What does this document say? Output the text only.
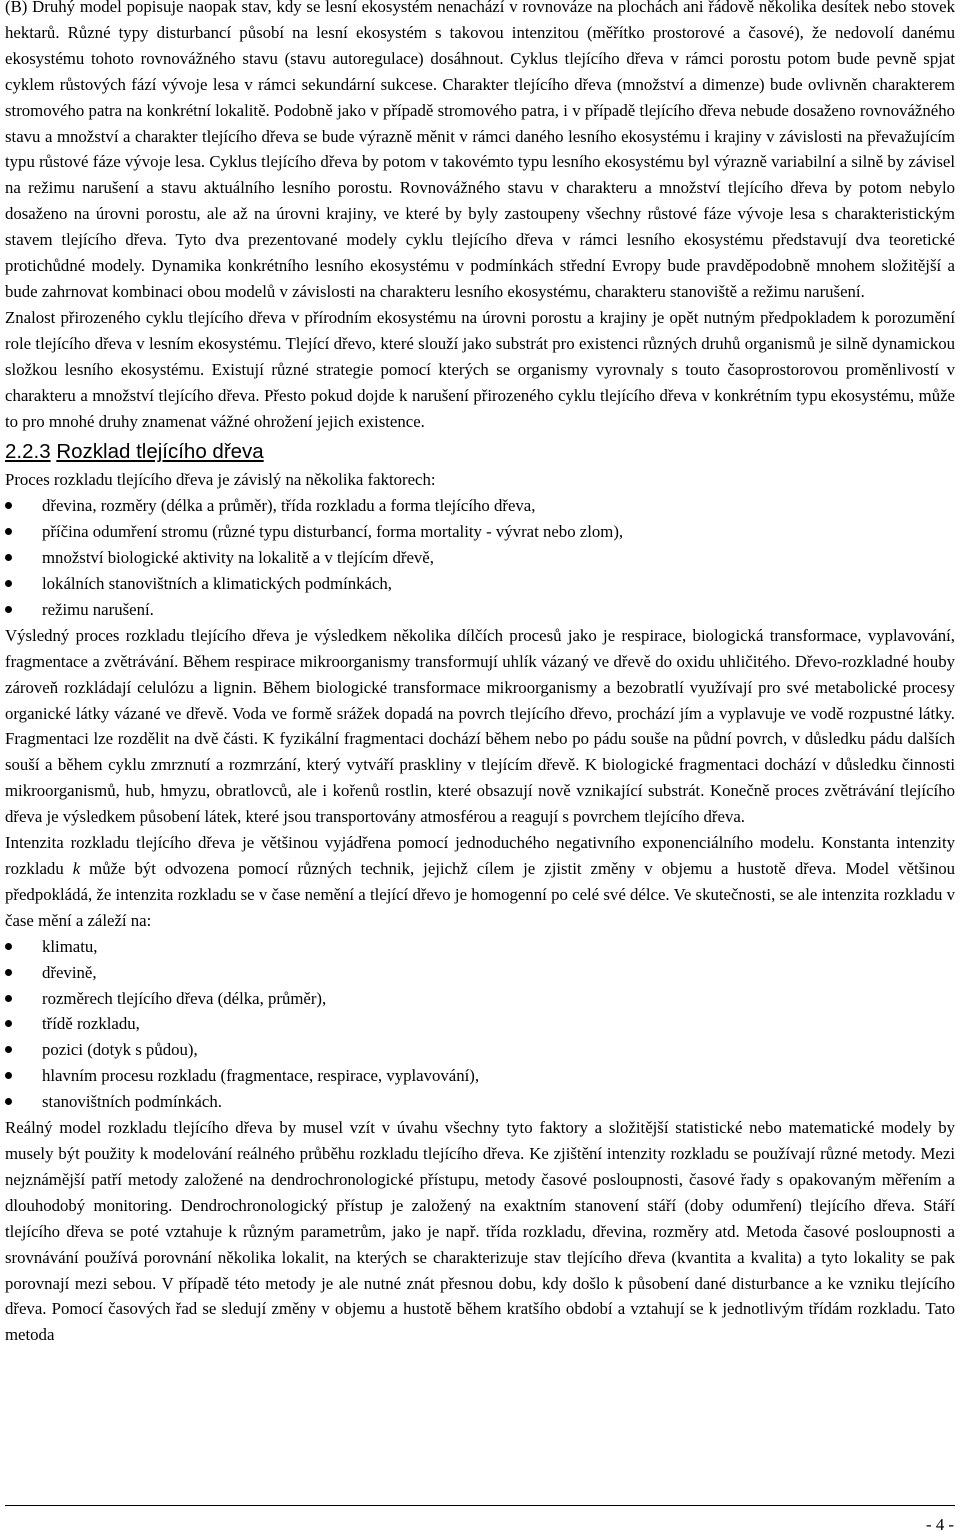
(B) Druhý model popisuje naopak stav, kdy se lesní ekosystém nenachází v rovnováze na plochách ani řádově několika desítek nebo stovek hektarů. Různé typy disturbancí působí na lesní ekosystém s takovou intenzitou (měřítko prostorové a časové), že nedovolí danému ekosystému tohoto rovnovážného stavu (stavu autoregulace) dosáhnout. Cyklus tlejícího dřeva v rámci porostu potom bude pevně spjat cyklem růstových fází vývoje lesa v rámci sekundární sukcese. Charakter tlejícího dřeva (množství a dimenze) bude ovlivněn charakterem stromového patra na konkrétní lokalitě. Podobně jako v případě stromového patra, i v případě tlejícího dřeva nebude dosaženo rovnovážného stavu a množství a charakter tlejícího dřeva se bude výrazně měnit v rámci daného lesního ekosystému i krajiny v závislosti na převažujícím typu růstové fáze vývoje lesa. Cyklus tlejícího dřeva by potom v takovémto typu lesního ekosystému byl výrazně variabilní a silně by závisel na režimu narušení a stavu aktuálního lesního porostu. Rovnovážného stavu v charakteru a množství tlejícího dřeva by potom nebylo dosaženo na úrovni porostu, ale až na úrovni krajiny, ve které by byly zastoupeny všechny růstové fáze vývoje lesa s charakteristickým stavem tlejícího dřeva. Tyto dva prezentované modely cyklu tlejícího dřeva v rámci lesního ekosystému představují dva teoretické protichůdné modely. Dynamika konkrétního lesního ekosystému v podmínkách střední Evropy bude pravděpodobně mnohem složitější a bude zahrnovat kombinaci obou modelů v závislosti na charakteru lesního ekosystému, charakteru stanoviště a režimu narušení.

Znalost přirozeného cyklu tlejícího dřeva v přírodním ekosystému na úrovni porostu a krajiny je opět nutným předpokladem k porozumění role tlejícího dřeva v lesním ekosystému. Tlející dřevo, které slouží jako substrát pro existenci různých druhů organismů je silně dynamickou složkou lesního ekosystému. Existují různé strategie pomocí kterých se organismy vyrovnaly s touto časoprostorovou proměnlivostí v charakteru a množství tlejícího dřeva. Přesto pokud dojde k narušení přirozeného cyklu tlejícího dřeva v konkrétním typu ekosystému, může to pro mnohé druhy znamenat vážné ohrožení jejich existence.

2.2.3 Rozklad tlejícího dřeva

Proces rozkladu tlejícího dřeva je závislý na několika faktorech:

dřevina, rozměry (délka a průměr), třída rozkladu a forma tlejícího dřeva,
příčina odumření stromu (různé typu disturbancí, forma mortality - vývrat nebo zlom),
množství biologické aktivity na lokalitě a v tlejícím dřevě,
lokálních stanovištních a klimatických podmínkách,
režimu narušení.

Výsledný proces rozkladu tlejícího dřeva je výsledkem několika dílčích procesů jako je respirace, biologická transformace, vyplavování, fragmentace a zvětrávání. Během respirace mikroorganismy transformují uhlík vázaný ve dřevě do oxidu uhličitého. Dřevo-rozkladné houby zároveň rozkládají celulózu a lignin. Během biologické transformace mikroorganismy a bezobratlí využívají pro své metabolické procesy organické látky vázané ve dřevě. Voda ve formě srážek dopadá na povrch tlejícího dřevo, prochází jím a vyplavuje ve vodě rozpustné látky. Fragmentaci lze rozdělit na dvě části. K fyzikální fragmentaci dochází během nebo po pádu souše na půdní povrch, v důsledku pádu dalších souší a během cyklu zmrznutí a rozmrzání, který vytváří praskliny v tlejícím dřevě. K biologické fragmentaci dochází v důsledku činnosti mikroorganismů, hub, hmyzu, obratlovců, ale i kořenů rostlin, které obsazují nově vznikající substrát. Konečně proces zvětrávání tlejícího dřeva je výsledkem působení látek, které jsou transportovány atmosférou a reagují s povrchem tlejícího dřeva.

Intenzita rozkladu tlejícího dřeva je většinou vyjádřena pomocí jednoduchého negativního exponenciálního modelu. Konstanta intenzity rozkladu k může být odvozena pomocí různých technik, jejichž cílem je zjistit změny v objemu a hustotě dřeva. Model většinou předpokládá, že intenzita rozkladu se v čase nemění a tlející dřevo je homogenní po celé své délce. Ve skutečnosti, se ale intenzita rozkladu v čase mění a záleží na:

klimatu,
dřevině,
rozměrech tlejícího dřeva (délka, průměr),
třídě rozkladu,
pozici (dotyk s půdou),
hlavním procesu rozkladu (fragmentace, respirace, vyplavování),
stanovištních podmínkách.

Reálný model rozkladu tlejícího dřeva by musel vzít v úvahu všechny tyto faktory a složitější statistické nebo matematické modely by musely být použity k modelování reálného průběhu rozkladu tlejícího dřeva. Ke zjištění intenzity rozkladu se používají různé metody. Mezi nejznámější patří metody založené na dendrochronologické přístupu, metody časové posloupnosti, časové řady s opakovaným měřením a dlouhodobý monitoring. Dendrochronologický přístup je založený na exaktním stanovení stáří (doby odumření) tlejícího dřeva. Stáří tlejícího dřeva se poté vztahuje k různým parametrům, jako je např. třída rozkladu, dřevina, rozměry atd. Metoda časové posloupnosti a srovnávání používá porovnání několika lokalit, na kterých se charakterizuje stav tlejícího dřeva (kvantita a kvalita) a tyto lokality se pak porovnají mezi sebou. V případě této metody je ale nutné znát přesnou dobu, kdy došlo k působení dané disturbance a ke vzniku tlejícího dřeva. Pomocí časových řad se sledují změny v objemu a hustotě během kratšího období a vztahují se k jednotlivým třídám rozkladu. Tato metoda

- 4 -
